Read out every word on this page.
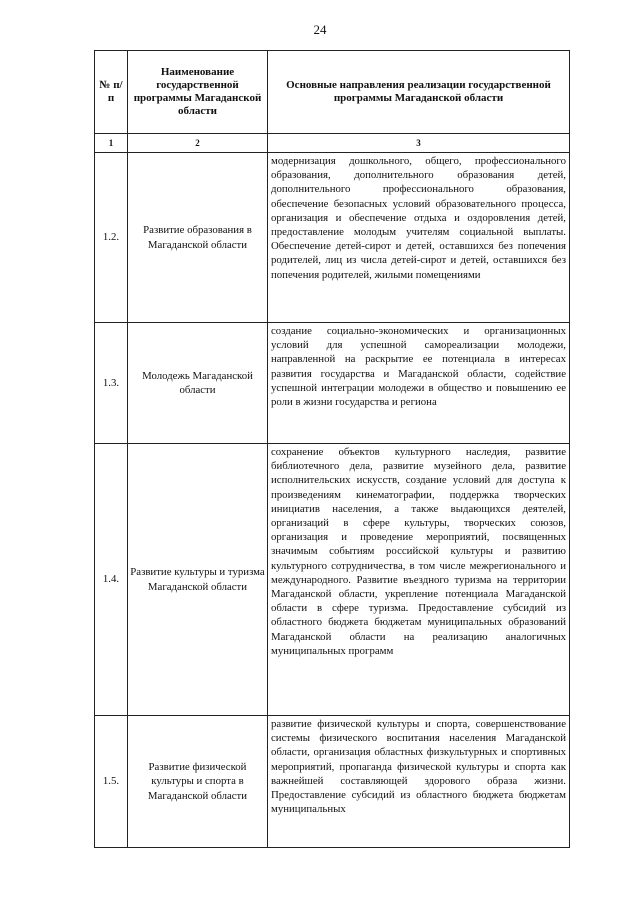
24
№ п/п	Наименование государственной программы Магаданской области	Основные направления реализации государственной программы Магаданской области
1	2	3
1.2.	Развитие образования в Магаданской области	модернизация дошкольного, общего, профессионального образования, дополнительного образования детей, дополнительного профессионального образования, обеспечение безопасных условий образовательного процесса, организация и обеспечение отдыха и оздоровления детей, предоставление молодым учителям социальной выплаты. Обеспечение детей-сирот и детей, оставшихся без попечения родителей, лиц из числа детей-сирот и детей, оставшихся без попечения родителей, жилыми помещениями
1.3.	Молодежь Магаданской области	создание социально-экономических и организационных условий для успешной самореализации молодежи, направленной на раскрытие ее потенциала в интересах развития государства и Магаданской области, содействие успешной интеграции молодежи в общество и повышению ее роли в жизни государства и региона
1.4.	Развитие культуры и туризма Магаданской области	сохранение объектов культурного наследия, развитие библиотечного дела, развитие музейного дела, развитие исполнительских искусств, создание условий для доступа к произведениям кинематографии, поддержка творческих инициатив населения, а также выдающихся деятелей, организаций в сфере культуры, творческих союзов, организация и проведение мероприятий, посвященных значимым событиям российской культуры и развитию культурного сотрудничества, в том числе межрегионального и международного. Развитие въездного туризма на территории Магаданской области, укрепление потенциала Магаданской области в сфере туризма. Предоставление субсидий из областного бюджета бюджетам муниципальных образований Магаданской области на реализацию аналогичных муниципальных программ
1.5.	Развитие физической культуры и спорта в Магаданской области	развитие физической культуры и спорта, совершенствование системы физического воспитания населения Магаданской области, организация областных физкультурных и спортивных мероприятий, пропаганда физической культуры и спорта как важнейшей составляющей здорового образа жизни. Предоставление субсидий из областного бюджета бюджетам муниципальных
